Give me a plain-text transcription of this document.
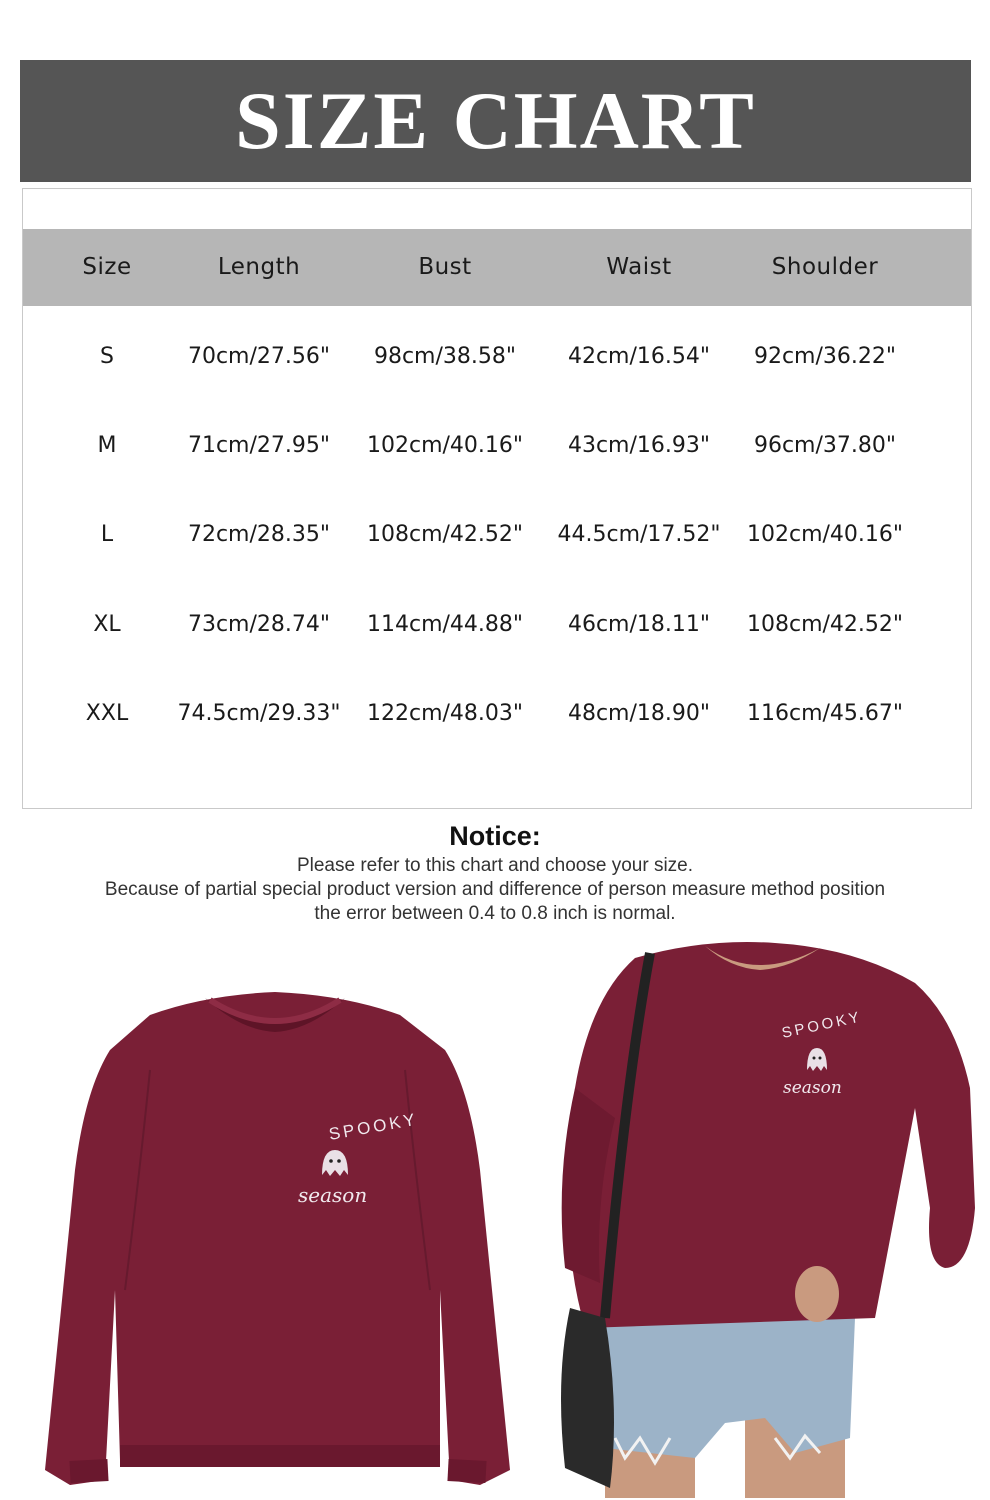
SIZE CHART
Size	Length	Bust	Waist	Shoulder
S	70cm/27.56"	98cm/38.58"	42cm/16.54"	92cm/36.22"
M	71cm/27.95"	102cm/40.16"	43cm/16.93"	96cm/37.80"
L	72cm/28.35"	108cm/42.52"	44.5cm/17.52"	102cm/40.16"
XL	73cm/28.74"	114cm/44.88"	46cm/18.11"	108cm/42.52"
XXL	74.5cm/29.33"	122cm/48.03"	48cm/18.90"	116cm/45.67"
Notice:
Please refer to this chart and choose your size.
Because of partial special product version and difference of person measure method position
the error between 0.4 to 0.8 inch is normal.
SPOOKY
season
SPOOKY
season
